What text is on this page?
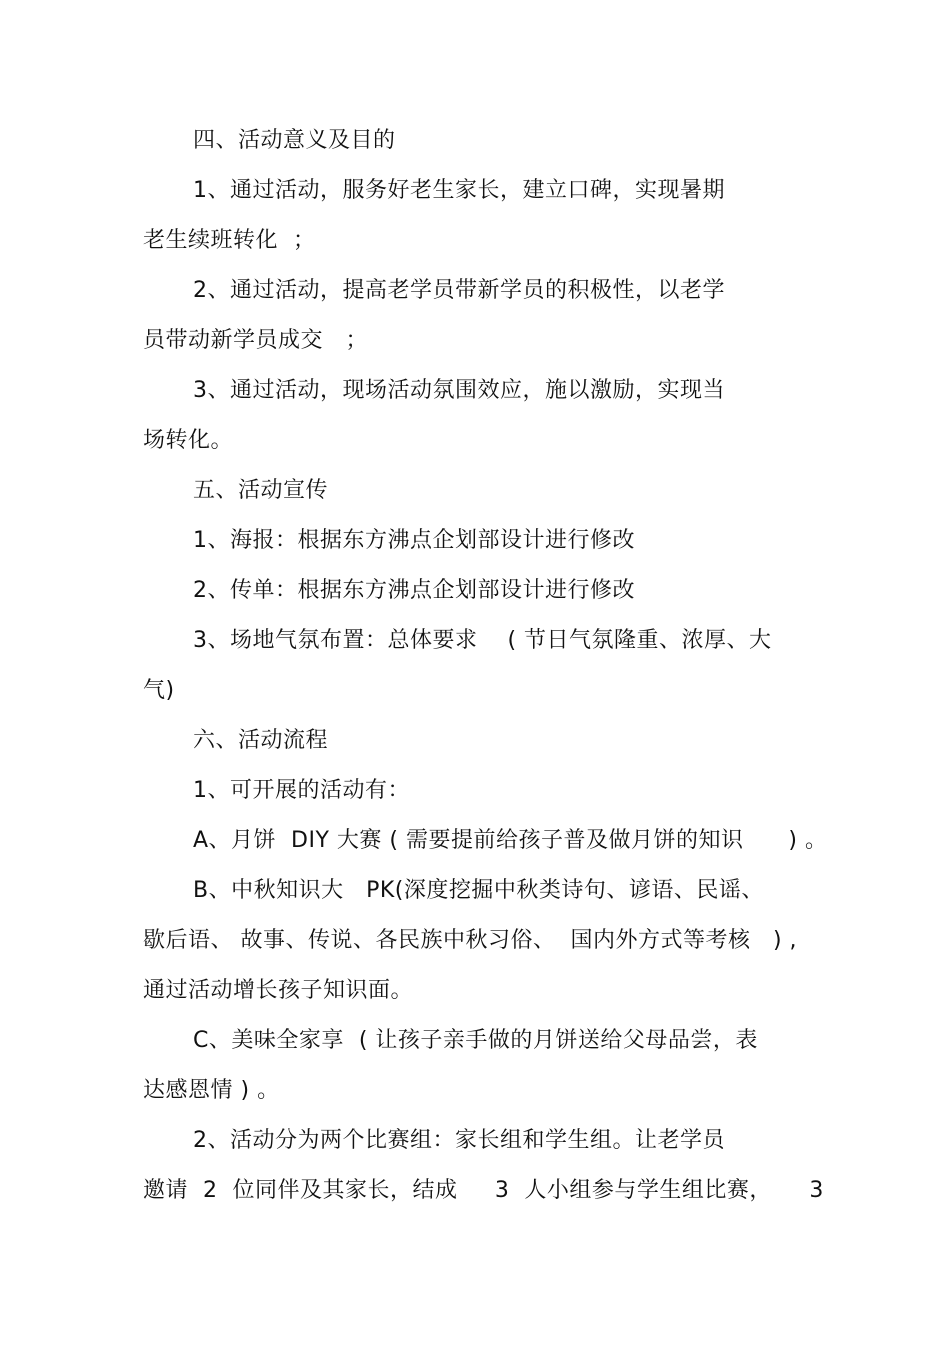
四、活动意义及目的
1、通过活动，服务好老生家长，建立口碑，实现暑期
老生续班转化  ；
2、通过活动，提高老学员带新学员的积极性，以老学
员带动新学员成交   ；
3、通过活动，现场活动氛围效应，施以激励，实现当
场转化。
五、活动宣传
1、海报：根据东方沸点企划部设计进行修改
2、传单：根据东方沸点企划部设计进行修改
3、场地气氛布置：总体要求    ( 节日气氛隆重、浓厚、大
气)
六、活动流程
1、可开展的活动有：
A、月饼  DIY 大赛 ( 需要提前给孩子普及做月饼的知识      ) 。
B、中秋知识大   PK(深度挖掘中秋类诗句、谚语、民谣、
歇后语、 故事、传说、各民族中秋习俗、  国内外方式等考核   ) ,
通过活动增长孩子知识面。
C、美味全家享  ( 让孩子亲手做的月饼送给父母品尝，表
达感恩情 ) 。
2、活动分为两个比赛组：家长组和学生组。让老学员
邀请  2  位同伴及其家长，结成     3  人小组参与学生组比赛，     3
